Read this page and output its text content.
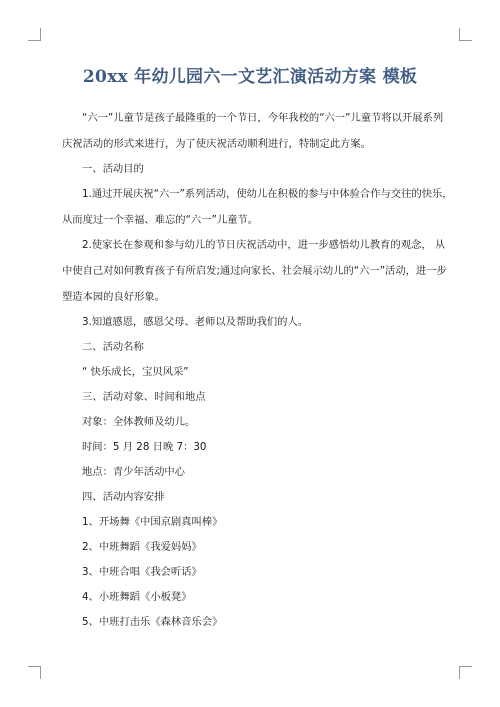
20xx 年幼儿园六一文艺汇演活动方案 模板
“六一”儿童节是孩子最隆重的一个节日，今年我校的“六一”儿童节将以开展系列
庆祝活动的形式来进行，为了使庆祝活动顺利进行，特制定此方案。
一、活动目的
1.通过开展庆祝“六一”系列活动，使幼儿在积极的参与中体验合作与交往的快乐，
从而度过一个幸福、难忘的“六一”儿童节。
2.使家长在参观和参与幼儿的节日庆祝活动中，进一步感悟幼儿教育的观念， 从
中使自己对如何教育孩子有所启发;通过向家长、社会展示幼儿的“六一”活动，进一步
塑造本园的良好形象。
3.知道感恩，感恩父母、老师以及帮助我们的人。
二、活动名称
“ 快乐成长，宝贝风采”
三、活动对象、时间和地点
对象：全体教师及幼儿。
时间：5 月 28 日晚 7：30
地点：青少年活动中心
四、活动内容安排
1、开场舞《中国京剧真叫棒》
2、中班舞蹈《我爱妈妈》
3、中班合唱《我会听话》
4、小班舞蹈《小板凳》
5、中班打击乐《森林音乐会》
